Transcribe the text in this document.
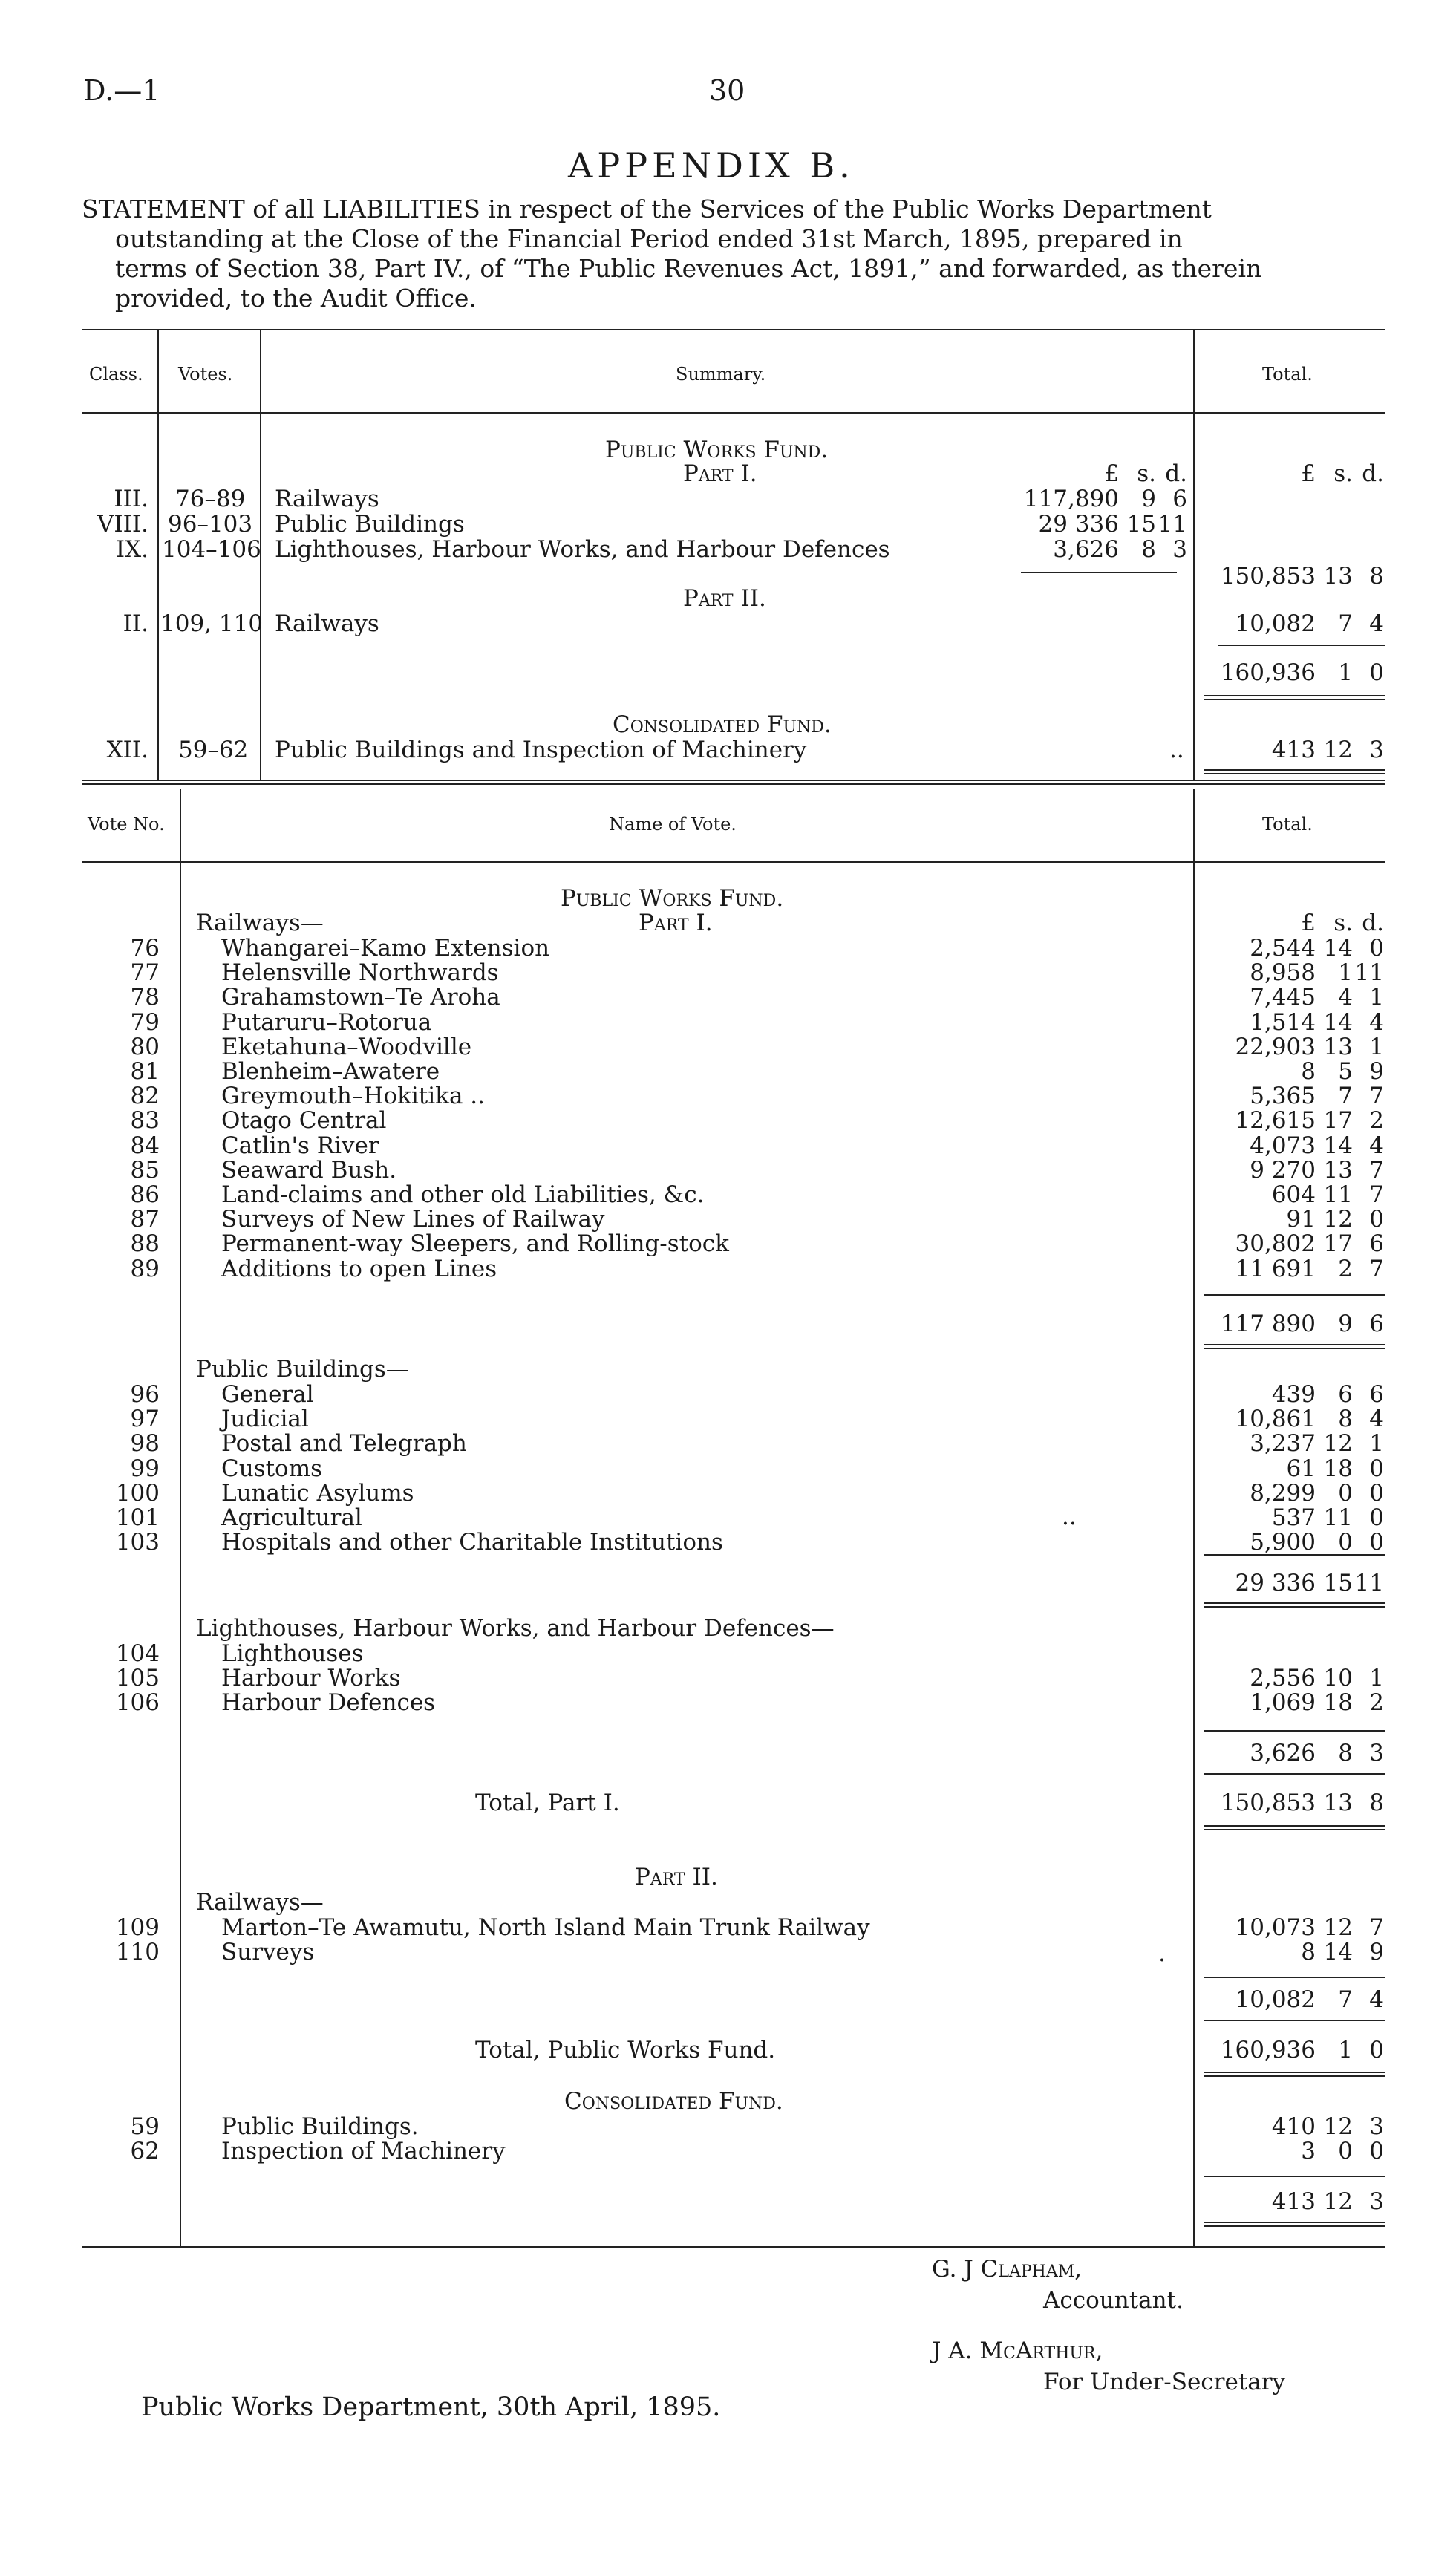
D.—1	30
APPENDIX B.
STATEMENT of all LIABILITIES in respect of the Services of the Public Works Department
outstanding at the Close of the Financial Period ended 31st March, 1895, prepared in
terms of Section 38, Part IV., of “The Public Revenues Act, 1891,” and forwarded, as therein
provided, to the Audit Office.
Class. Votes.	Summary.	Total.
Public Works Fund.
Part I.	£ s. d.	£ s. d.
III. 76–89 Railways	117,890 9 6
VIII. 96–103 Public Buildings	29 336 1511
IX. 104–106 Lighthouses, Harbour Works, and Harbour Defences	3,626 8 3
150,853 13 8
Part II.
II. 109, 110 Railways	10,082 7 4
160,936 1 0
Consolidated Fund.
XII. 59–62 Public Buildings and Inspection of Machinery	..	413 12 3
Vote No.	Name of Vote.	Total.
Public Works Fund.
Railways—	Part I.	£ s. d.
76	Whangarei–Kamo Extension	2,544 14 0
77	Helensville Northwards	8,958 111
78	Grahamstown–Te Aroha	7,445 4 1
79	Putaruru–Rotorua	1,514 14 4
80	Eketahuna–Woodville	22,903 13 1
81	Blenheim–Awatere	8 5 9
82	Greymouth–Hokitika ..	5,365 7 7
83	Otago Central	12,615 17 2
84	Catlin's River	4,073 14 4
85	Seaward Bush.	9 270 13 7
86	Land-claims and other old Liabilities, &c.	604 11 7
87	Surveys of New Lines of Railway	91 12 0
88	Permanent-way Sleepers, and Rolling-stock	30,802 17 6
89	Additions to open Lines	11 691 2 7
117 890 9 6
Public Buildings—
96	General	439 6 6
97	Judicial	10,861 8 4
98	Postal and Telegraph	3,237 12 1
99	Customs	61 18 0
100	Lunatic Asylums	8,299 0 0
101	Agricultural	537 11 0
103	Hospitals and other Charitable Institutions	5,900 0 0
..
29 336 1511
Lighthouses, Harbour Works, and Harbour Defences—
104	Lighthouses
105	Harbour Works	2,556 10 1
106	Harbour Defences	1,069 18 2
3,626 8 3
Total, Part I.	150,853 13 8
Part II.
Railways—
109	Marton–Te Awamutu, North Island Main Trunk Railway	10,073 12 7
110	Surveys	8 14 9
.
10,082 7 4
Total, Public Works Fund.	160,936 1 0
Consolidated Fund.
59	Public Buildings.	410 12 3
62	Inspection of Machinery	3 0 0
413 12 3
G. J Clapham,
Accountant.
J A. McArthur,
For Under-Secretary
Public Works Department, 30th April, 1895.
